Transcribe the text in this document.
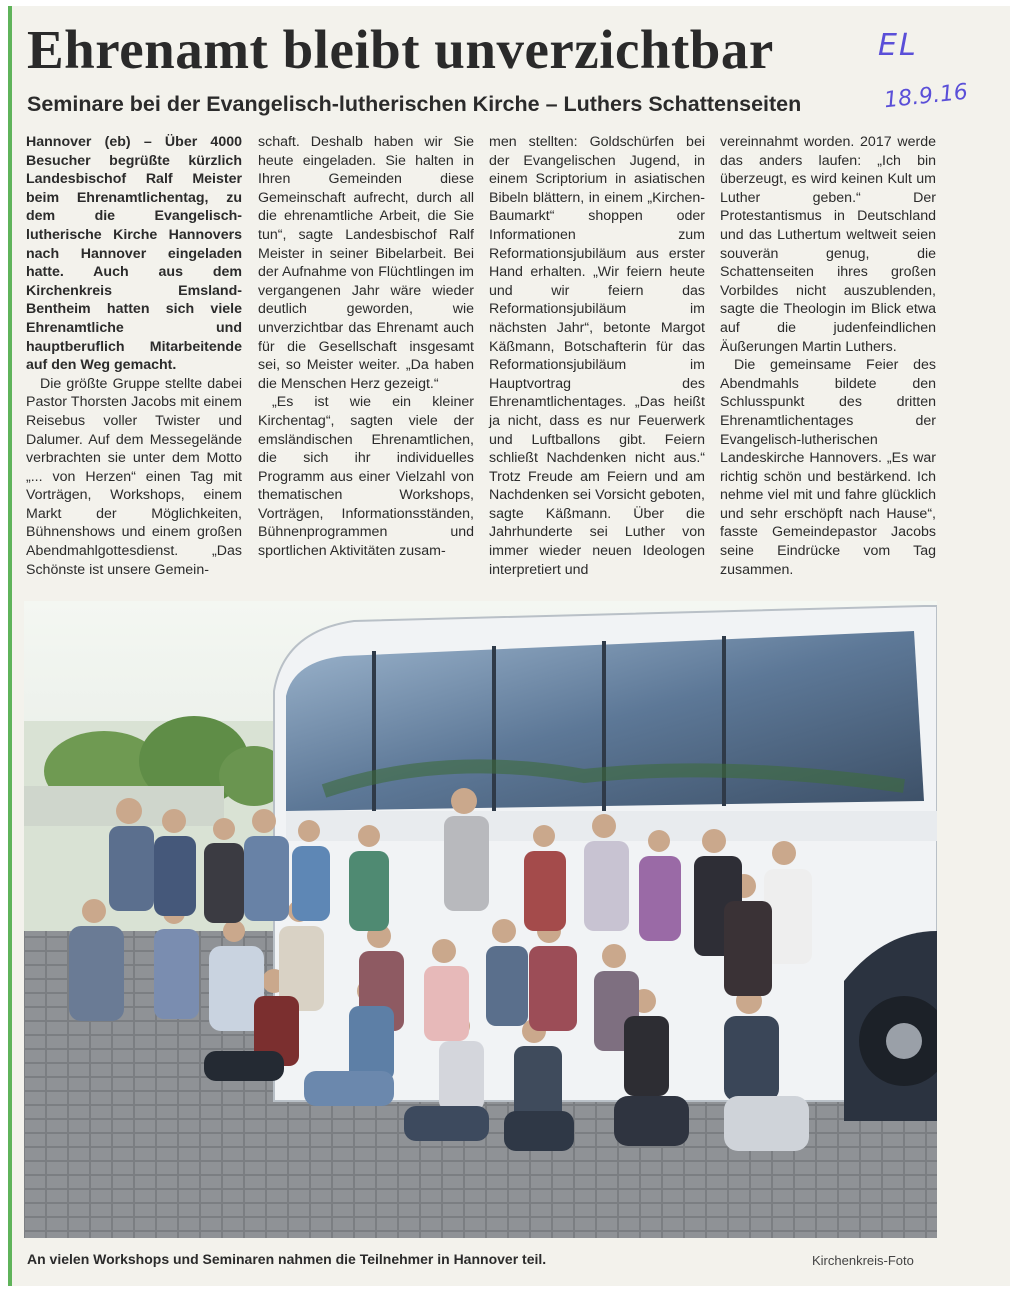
Ehrenamt bleibt unverzichtbar	EL
Seminare bei der Evangelisch-lutherischen Kirche – Luthers Schattenseiten	18.9.16

Hannover (eb) – Über 4000 Besucher begrüßte kürzlich Landesbischof Ralf Meister beim Ehrenamtlichentag, zu dem die Evangelisch-lutherische Kirche Hannovers nach Hannover eingeladen hatte. Auch aus dem Kirchenkreis Emsland-Bentheim hatten sich viele Ehrenamtliche und hauptberuflich Mitarbeitende auf den Weg gemacht.

Die größte Gruppe stellte dabei Pastor Thorsten Jacobs mit einem Reisebus voller Twister und Dalumer. Auf dem Messegelände verbrachten sie unter dem Motto „... von Herzen“ einen Tag mit Vorträgen, Workshops, einem Markt der Möglichkeiten, Bühnenshows und einem großen Abendmahlgottesdienst. „Das Schönste ist unsere Gemein-

schaft. Deshalb haben wir Sie heute eingeladen. Sie halten in Ihren Gemeinden diese Gemeinschaft aufrecht, durch all die ehrenamtliche Arbeit, die Sie tun“, sagte Landesbischof Ralf Meister in seiner Bibelarbeit. Bei der Aufnahme von Flüchtlingen im vergangenen Jahr wäre wieder deutlich geworden, wie unverzichtbar das Ehrenamt auch für die Gesellschaft insgesamt sei, so Meister weiter. „Da haben die Menschen Herz gezeigt.“

„Es ist wie ein kleiner Kirchentag“, sagten viele der emsländischen Ehrenamtlichen, die sich ihr individuelles Programm aus einer Vielzahl von thematischen Workshops, Vorträgen, Informationsständen, Bühnenprogrammen und sportlichen Aktivitäten zusam-

men stellten: Goldschürfen bei der Evangelischen Jugend, in einem Scriptorium in asiatischen Bibeln blättern, in einem „Kirchen-Baumarkt“ shoppen oder Informationen zum Reformationsjubiläum aus erster Hand erhalten. „Wir feiern heute und wir feiern das Reformationsjubiläum im nächsten Jahr“, betonte Margot Käßmann, Botschafterin für das Reformationsjubiläum im Hauptvortrag des Ehrenamtlichentages. „Das heißt ja nicht, dass es nur Feuerwerk und Luftballons gibt. Feiern schließt Nachdenken nicht aus.“ Trotz Freude am Feiern und am Nachdenken sei Vorsicht geboten, sagte Käßmann. Über die Jahrhunderte sei Luther von immer wieder neuen Ideologen interpretiert und

vereinnahmt worden. 2017 werde das anders laufen: „Ich bin überzeugt, es wird keinen Kult um Luther geben.“ Der Protestantismus in Deutschland und das Luthertum weltweit seien souverän genug, die Schattenseiten ihres großen Vorbildes nicht auszublenden, sagte die Theologin im Blick etwa auf die judenfeindlichen Äußerungen Martin Luthers.

Die gemeinsame Feier des Abendmahls bildete den Schlusspunkt des dritten Ehrenamtlichentages der Evangelisch-lutherischen Landeskirche Hannovers. „Es war richtig schön und bestärkend. Ich nehme viel mit und fahre glücklich und sehr erschöpft nach Hause“, fasste Gemeindepastor Jacobs seine Eindrücke vom Tag zusammen.

An vielen Workshops und Seminaren nahmen die Teilnehmer in Hannover teil.	Kirchenkreis-Foto
